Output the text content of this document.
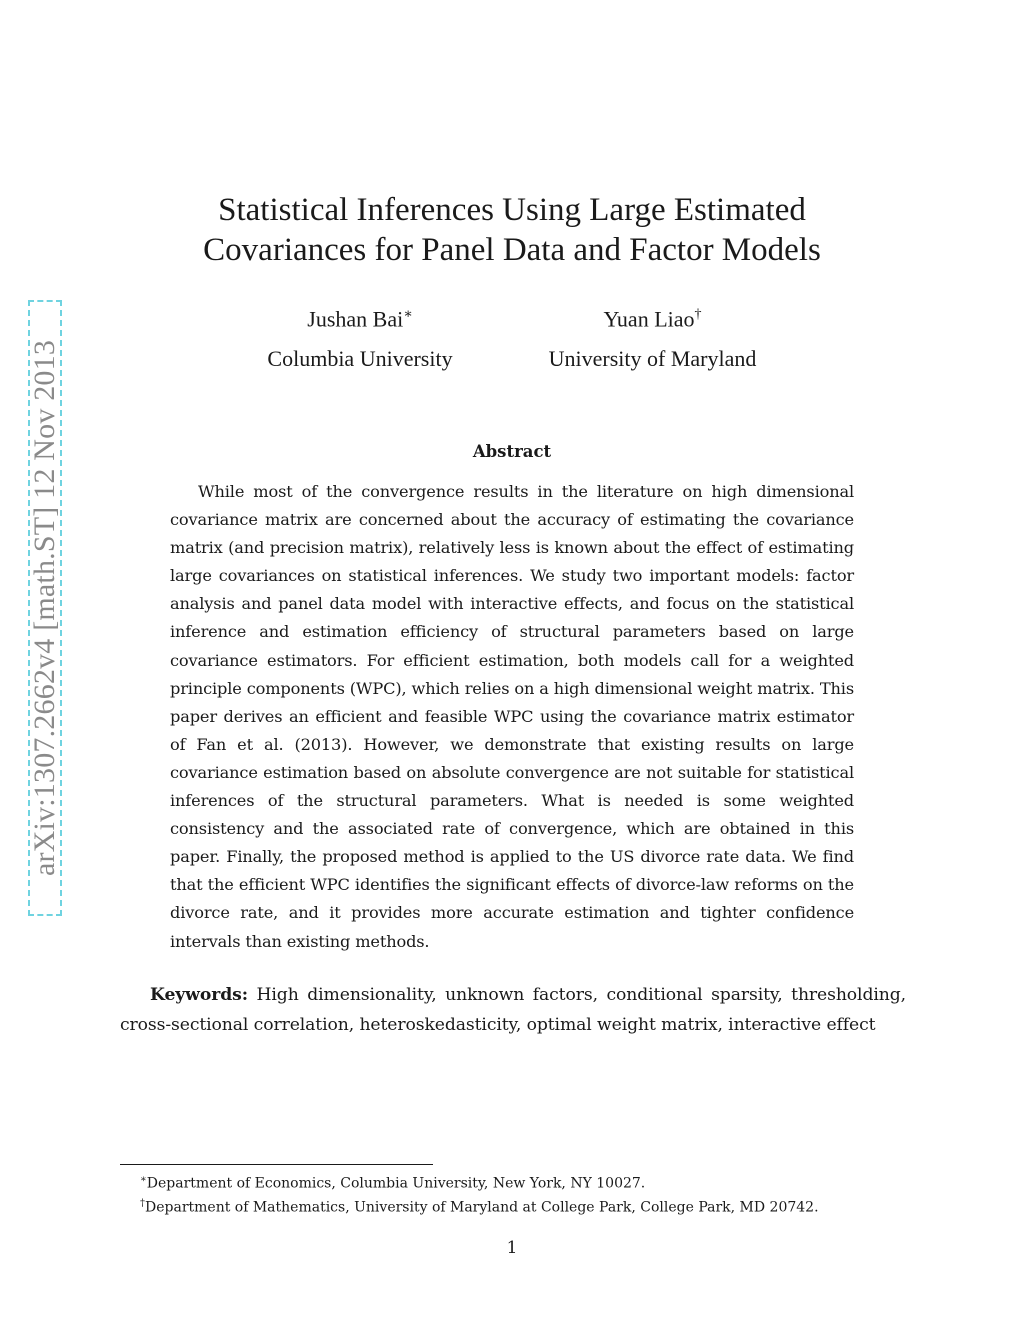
arXiv:1307.2662v4 [math.ST] 12 Nov 2013
Statistical Inferences Using Large Estimated
Covariances for Panel Data and Factor Models
Jushan Bai∗
Columbia University
Yuan Liao†
University of Maryland
Abstract

While most of the convergence results in the literature on high dimensional covariance matrix are concerned about the accuracy of estimating the covariance matrix (and precision matrix), relatively less is known about the effect of estimating large covariances on statistical inferences. We study two important models: factor analysis and panel data model with interactive effects, and focus on the statistical inference and estimation efficiency of structural parameters based on large covariance estimators. For efficient estimation, both models call for a weighted principle components (WPC), which relies on a high dimensional weight matrix. This paper derives an efficient and feasible WPC using the covariance matrix estimator of Fan et al. (2013). However, we demonstrate that existing results on large covariance estimation based on absolute convergence are not suitable for statistical inferences of the structural parameters. What is needed is some weighted consistency and the associated rate of convergence, which are obtained in this paper. Finally, the proposed method is applied to the US divorce rate data. We find that the efficient WPC identifies the significant effects of divorce-law reforms on the divorce rate, and it provides more accurate estimation and tighter confidence intervals than existing methods.

Keywords: High dimensionality, unknown factors, conditional sparsity, thresholding, cross-sectional correlation, heteroskedasticity, optimal weight matrix, interactive effect

∗Department of Economics, Columbia University, New York, NY 10027.
†Department of Mathematics, University of Maryland at College Park, College Park, MD 20742.
1
